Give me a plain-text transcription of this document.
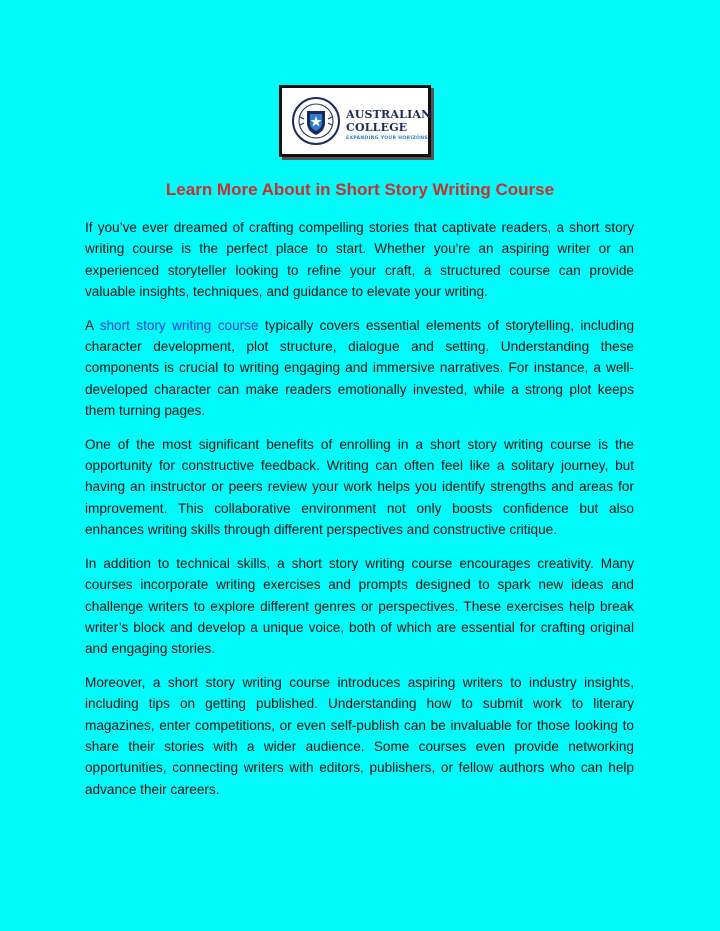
AUSTRALIAN
COLLEGE
EXPANDING YOUR HORIZONS
Learn More About in Short Story Writing Course

If you’ve ever dreamed of crafting compelling stories that captivate readers, a short story writing course is the perfect place to start. Whether you're an aspiring writer or an experienced storyteller looking to refine your craft, a structured course can provide valuable insights, techniques, and guidance to elevate your writing.

A short story writing course typically covers essential elements of storytelling, including character development, plot structure, dialogue and setting. Understanding these components is crucial to writing engaging and immersive narratives. For instance, a well-developed character can make readers emotionally invested, while a strong plot keeps them turning pages.

One of the most significant benefits of enrolling in a short story writing course is the opportunity for constructive feedback. Writing can often feel like a solitary journey, but having an instructor or peers review your work helps you identify strengths and areas for improvement. This collaborative environment not only boosts confidence but also enhances writing skills through different perspectives and constructive critique.

In addition to technical skills, a short story writing course encourages creativity. Many courses incorporate writing exercises and prompts designed to spark new ideas and challenge writers to explore different genres or perspectives. These exercises help break writer’s block and develop a unique voice, both of which are essential for crafting original and engaging stories.

Moreover, a short story writing course introduces aspiring writers to industry insights, including tips on getting published. Understanding how to submit work to literary magazines, enter competitions, or even self-publish can be invaluable for those looking to share their stories with a wider audience. Some courses even provide networking opportunities, connecting writers with editors, publishers, or fellow authors who can help advance their careers.
